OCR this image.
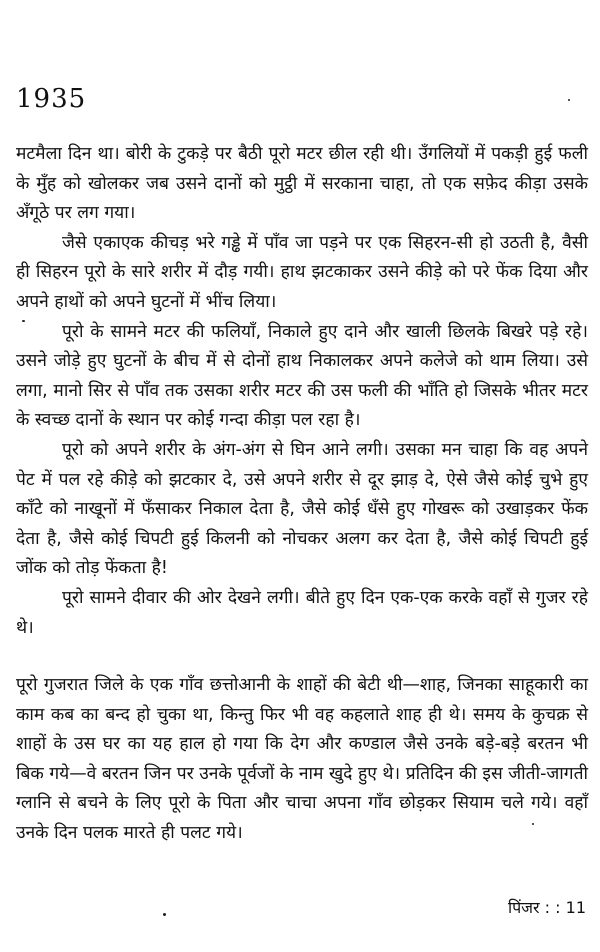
1935

मटमैला दिन था। बोरी के टुकड़े पर बैठी पूरो मटर छील रही थी। उँगलियों में पकड़ी हुई फली के मुँह को खोलकर जब उसने दानों को मुट्ठी में सरकाना चाहा, तो एक सफ़ेद कीड़ा उसके अँगूठे पर लग गया।

जैसे एकाएक कीचड़ भरे गड्ढे में पाँव जा पड़ने पर एक सिहरन-सी हो उठती है, वैसी ही सिहरन पूरो के सारे शरीर में दौड़ गयी। हाथ झटकाकर उसने कीड़े को परे फेंक दिया और अपने हाथों को अपने घुटनों में भींच लिया।

पूरो के सामने मटर की फलियाँ, निकाले हुए दाने और खाली छिलके बिखरे पड़े रहे। उसने जोड़े हुए घुटनों के बीच में से दोनों हाथ निकालकर अपने कलेजे को थाम लिया। उसे लगा, मानो सिर से पाँव तक उसका शरीर मटर की उस फली की भाँति हो जिसके भीतर मटर के स्वच्छ दानों के स्थान पर कोई गन्दा कीड़ा पल रहा है।

पूरो को अपने शरीर के अंग-अंग से घिन आने लगी। उसका मन चाहा कि वह अपने पेट में पल रहे कीड़े को झटकार दे, उसे अपने शरीर से दूर झाड़ दे, ऐसे जैसे कोई चुभे हुए काँटे को नाखूनों में फँसाकर निकाल देता है, जैसे कोई धँसे हुए गोखरू को उखाड़कर फेंक देता है, जैसे कोई चिपटी हुई किलनी को नोचकर अलग कर देता है, जैसे कोई चिपटी हुई जोंक को तोड़ फेंकता है!

पूरो सामने दीवार की ओर देखने लगी। बीते हुए दिन एक-एक करके वहाँ से गुजर रहे थे।

पूरो गुजरात जिले के एक गाँव छत्तोआनी के शाहों की बेटी थी—शाह, जिनका साहूकारी का काम कब का बन्द हो चुका था, किन्तु फिर भी वह कहलाते शाह ही थे। समय के कुचक्र से शाहों के उस घर का यह हाल हो गया कि देग और कण्डाल जैसे उनके बड़े-बड़े बरतन भी बिक गये—वे बरतन जिन पर उनके पूर्वजों के नाम खुदे हुए थे। प्रतिदिन की इस जीती-जागती ग्लानि से बचने के लिए पूरो के पिता और चाचा अपना गाँव छोड़कर सियाम चले गये। वहाँ उनके दिन पलक मारते ही पलट गये।

पिंजर : : 11
